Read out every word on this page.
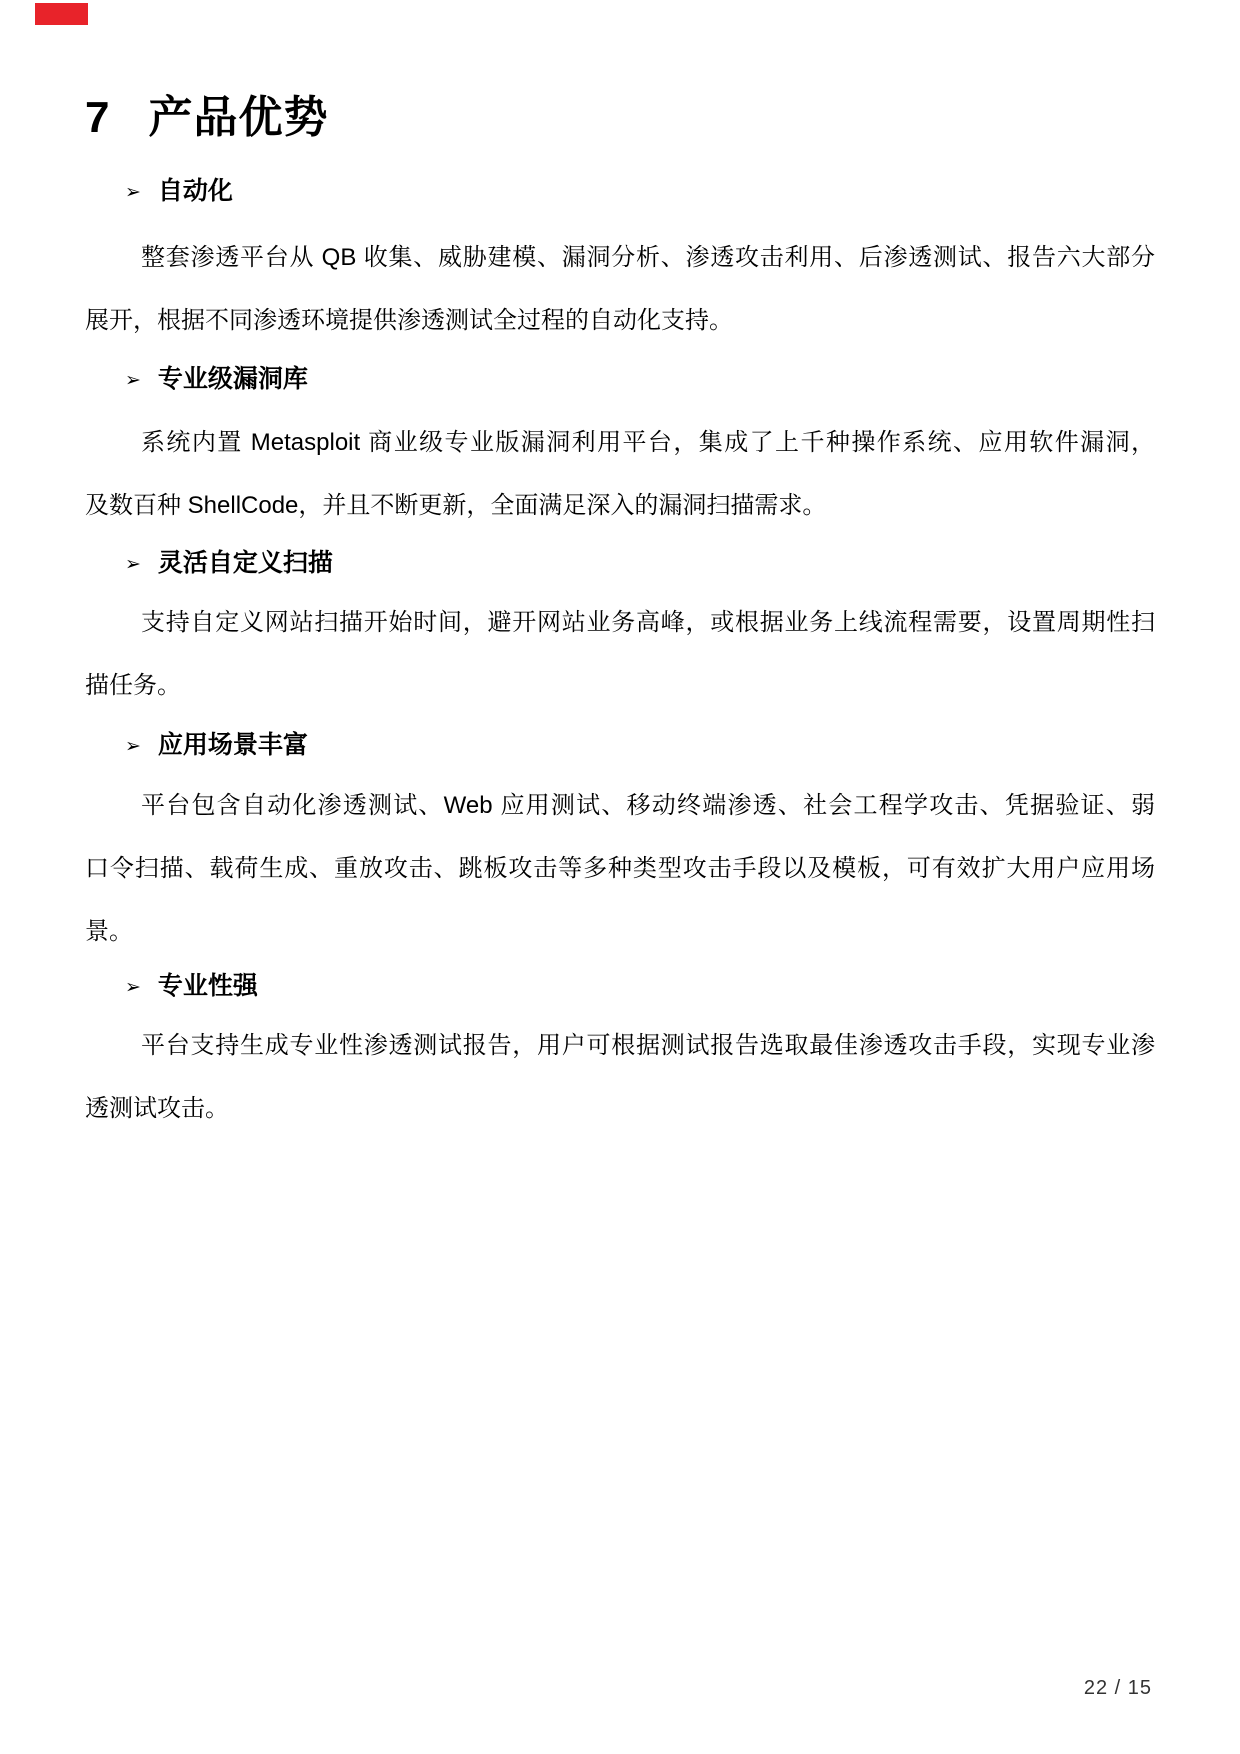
7 产品优势
➢ 自动化
整套渗透平台从 QB 收集、威胁建模、漏洞分析、渗透攻击利用、后渗透测试、报告六大部分
展开，根据不同渗透环境提供渗透测试全过程的自动化支持。
➢ 专业级漏洞库
系统内置 Metasploit 商业级专业版漏洞利用平台，集成了上千种操作系统、应用软件漏洞，
及数百种 ShellCode，并且不断更新，全面满足深入的漏洞扫描需求。
➢ 灵活自定义扫描
支持自定义网站扫描开始时间，避开网站业务高峰，或根据业务上线流程需要，设置周期性扫
描任务。
➢ 应用场景丰富
平台包含自动化渗透测试、Web 应用测试、移动终端渗透、社会工程学攻击、凭据验证、弱
口令扫描、载荷生成、重放攻击、跳板攻击等多种类型攻击手段以及模板，可有效扩大用户应用场
景。
➢ 专业性强
平台支持生成专业性渗透测试报告，用户可根据测试报告选取最佳渗透攻击手段，实现专业渗
透测试攻击。
22 / 15
